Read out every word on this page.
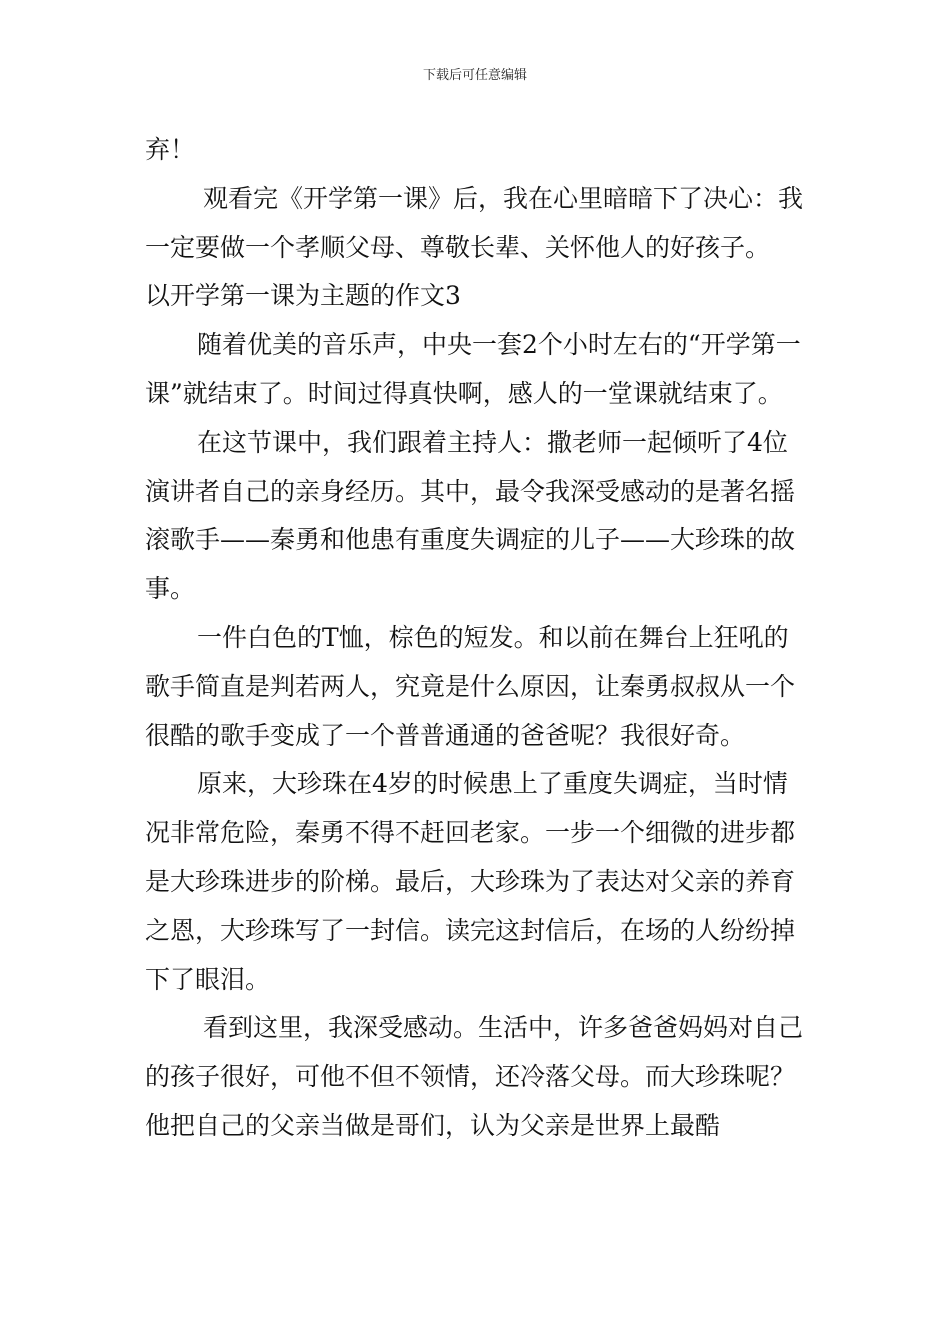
下载后可任意编辑

弃！

观看完《开学第一课》后，我在心里暗暗下了决心：我一定要做一个孝顺父母、尊敬长辈、关怀他人的好孩子。

以开学第一课为主题的作文3

随着优美的音乐声，中央一套2个小时左右的“开学第一课”就结束了。时间过得真快啊，感人的一堂课就结束了。

在这节课中，我们跟着主持人：撒老师一起倾听了4位演讲者自己的亲身经历。其中，最令我深受感动的是著名摇滚歌手——秦勇和他患有重度失调症的儿子——大珍珠的故事。

一件白色的T恤，棕色的短发。和以前在舞台上狂吼的歌手简直是判若两人，究竟是什么原因，让秦勇叔叔从一个很酷的歌手变成了一个普普通通的爸爸呢？我很好奇。

原来，大珍珠在4岁的时候患上了重度失调症，当时情况非常危险，秦勇不得不赶回老家。一步一个细微的进步都是大珍珠进步的阶梯。最后，大珍珠为了表达对父亲的养育之恩，大珍珠写了一封信。读完这封信后，在场的人纷纷掉下了眼泪。

看到这里，我深受感动。生活中，许多爸爸妈妈对自己的孩子很好，可他不但不领情，还冷落父母。而大珍珠呢？他把自己的父亲当做是哥们，认为父亲是世界上最酷
